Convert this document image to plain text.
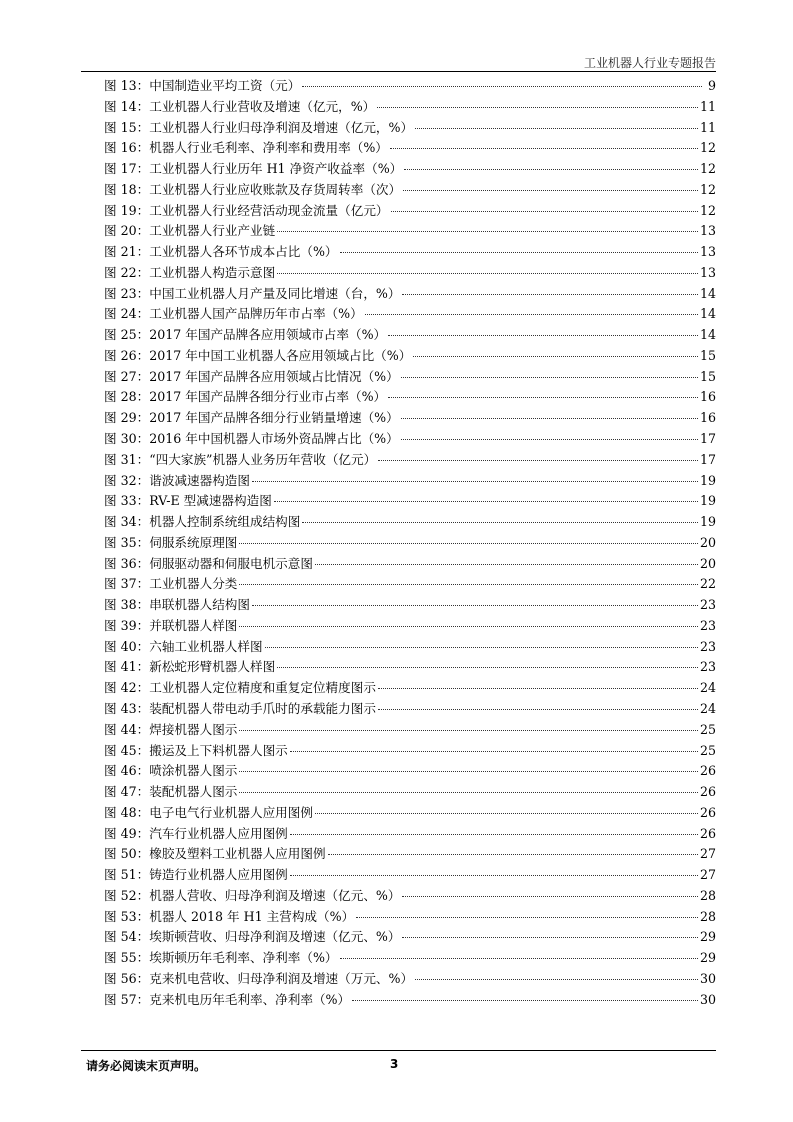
工业机器人行业专题报告
图 13： 中国制造业平均工资（元）	9
图 14： 工业机器人行业营收及增速（亿元，%）	11
图 15： 工业机器人行业归母净利润及增速（亿元，%）	11
图 16： 机器人行业毛利率、净利率和费用率（%）	12
图 17： 工业机器人行业历年 H1 净资产收益率（%）	12
图 18： 工业机器人行业应收账款及存货周转率（次）	12
图 19： 工业机器人行业经营活动现金流量（亿元）	12
图 20： 工业机器人行业产业链	13
图 21： 工业机器人各环节成本占比（%）	13
图 22： 工业机器人构造示意图	13
图 23： 中国工业机器人月产量及同比增速（台，%）	14
图 24： 工业机器人国产品牌历年市占率（%）	14
图 25： 2017 年国产品牌各应用领域市占率（%）	14
图 26： 2017 年中国工业机器人各应用领域占比（%）	15
图 27： 2017 年国产品牌各应用领域占比情况（%）	15
图 28： 2017 年国产品牌各细分行业市占率（%）	16
图 29： 2017 年国产品牌各细分行业销量增速（%）	16
图 30： 2016 年中国机器人市场外资品牌占比（%）	17
图 31： “四大家族”机器人业务历年营收（亿元）	17
图 32： 谐波减速器构造图	19
图 33： RV-E 型减速器构造图	19
图 34： 机器人控制系统组成结构图	19
图 35： 伺服系统原理图	20
图 36： 伺服驱动器和伺服电机示意图	20
图 37： 工业机器人分类	22
图 38： 串联机器人结构图	23
图 39： 并联机器人样图	23
图 40： 六轴工业机器人样图	23
图 41： 新松蛇形臂机器人样图	23
图 42： 工业机器人定位精度和重复定位精度图示	24
图 43： 装配机器人带电动手爪时的承载能力图示	24
图 44： 焊接机器人图示	25
图 45： 搬运及上下料机器人图示	25
图 46： 喷涂机器人图示	26
图 47： 装配机器人图示	26
图 48： 电子电气行业机器人应用图例	26
图 49： 汽车行业机器人应用图例	26
图 50： 橡胶及塑料工业机器人应用图例	27
图 51： 铸造行业机器人应用图例	27
图 52： 机器人营收、归母净利润及增速（亿元、%）	28
图 53： 机器人 2018 年 H1 主营构成（%）	28
图 54： 埃斯顿营收、归母净利润及增速（亿元、%）	29
图 55： 埃斯顿历年毛利率、净利率（%）	29
图 56： 克来机电营收、归母净利润及增速（万元、%）	30
图 57： 克来机电历年毛利率、净利率（%）	30
请务必阅读末页声明。	3
